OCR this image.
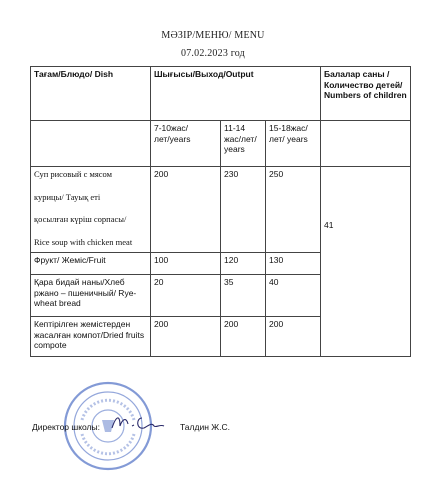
МӘЗІР/МЕНЮ/ MENU
07.02.2023 год
Тағам/Блюдо/ Dish	Шығысы/Выход/Output			Балалар саны /Количество детей/ Numbers of children
	7-10жас/лет/years	11-14 жас/лет/ years	15-18жас/лет/ years	

Суп рисовый с мясом
курицы/ Тауық еті
қосылған күріш сорпасы/
Rice soup with chicken meat	200	230	250	41
Фрукт/ Жеміс/Fruit	100	120	130	
Қара бидай наны/Хлеб ржано – пшеничный/ Rye-wheat bread	20	35	40	
Кептірілген жемістерден жасалған компот/Dried fruits compote	200	200	200	
Директор школы:	Талдин Ж.С.
